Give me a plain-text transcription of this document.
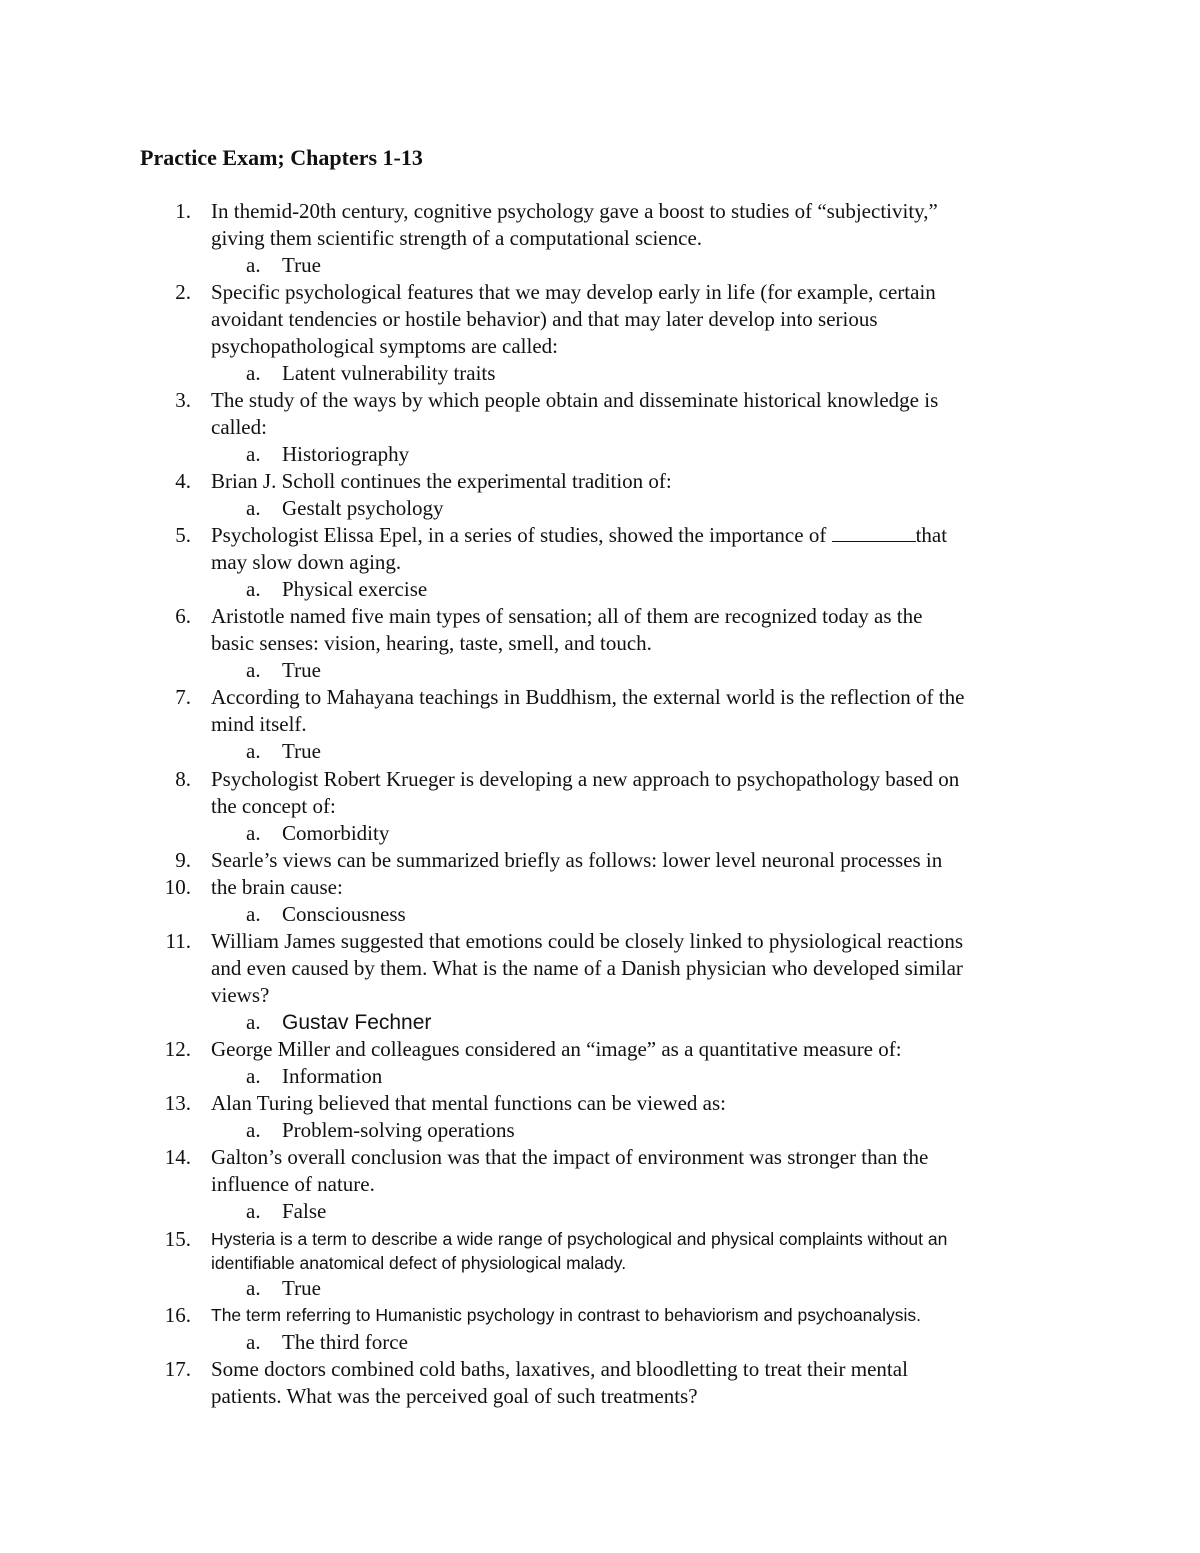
Practice Exam; Chapters 1-13
1. In themid-20th century, cognitive psychology gave a boost to studies of “subjectivity,”
giving them scientific strength of a computational science.
a. True
2. Specific psychological features that we may develop early in life (for example, certain
avoidant tendencies or hostile behavior) and that may later develop into serious
psychopathological symptoms are called:
a. Latent vulnerability traits
3. The study of the ways by which people obtain and disseminate historical knowledge is
called:
a. Historiography
4. Brian J. Scholl continues the experimental tradition of:
a. Gestalt psychology
5. Psychologist Elissa Epel, in a series of studies, showed the importance of	that
may slow down aging.
a. Physical exercise
6. Aristotle named five main types of sensation; all of them are recognized today as the
basic senses: vision, hearing, taste, smell, and touch.
a. True
7. According to Mahayana teachings in Buddhism, the external world is the reflection of the
mind itself.
a. True
8. Psychologist Robert Krueger is developing a new approach to psychopathology based on
the concept of:
a. Comorbidity
9. Searle’s views can be summarized briefly as follows: lower level neuronal processes in
10. the brain cause:
a. Consciousness
11. William James suggested that emotions could be closely linked to physiological reactions
and even caused by them. What is the name of a Danish physician who developed similar
views?
a. Gustav Fechner
12. George Miller and colleagues considered an “image” as a quantitative measure of:
a. Information
13. Alan Turing believed that mental functions can be viewed as:
a. Problem-solving operations
14. Galton’s overall conclusion was that the impact of environment was stronger than the
influence of nature.
a. False
15. Hysteria is a term to describe a wide range of psychological and physical complaints without an
identifiable anatomical defect of physiological malady.
a. True
16. The term referring to Humanistic psychology in contrast to behaviorism and psychoanalysis.
a. The third force
17. Some doctors combined cold baths, laxatives, and bloodletting to treat their mental
patients. What was the perceived goal of such treatments?
